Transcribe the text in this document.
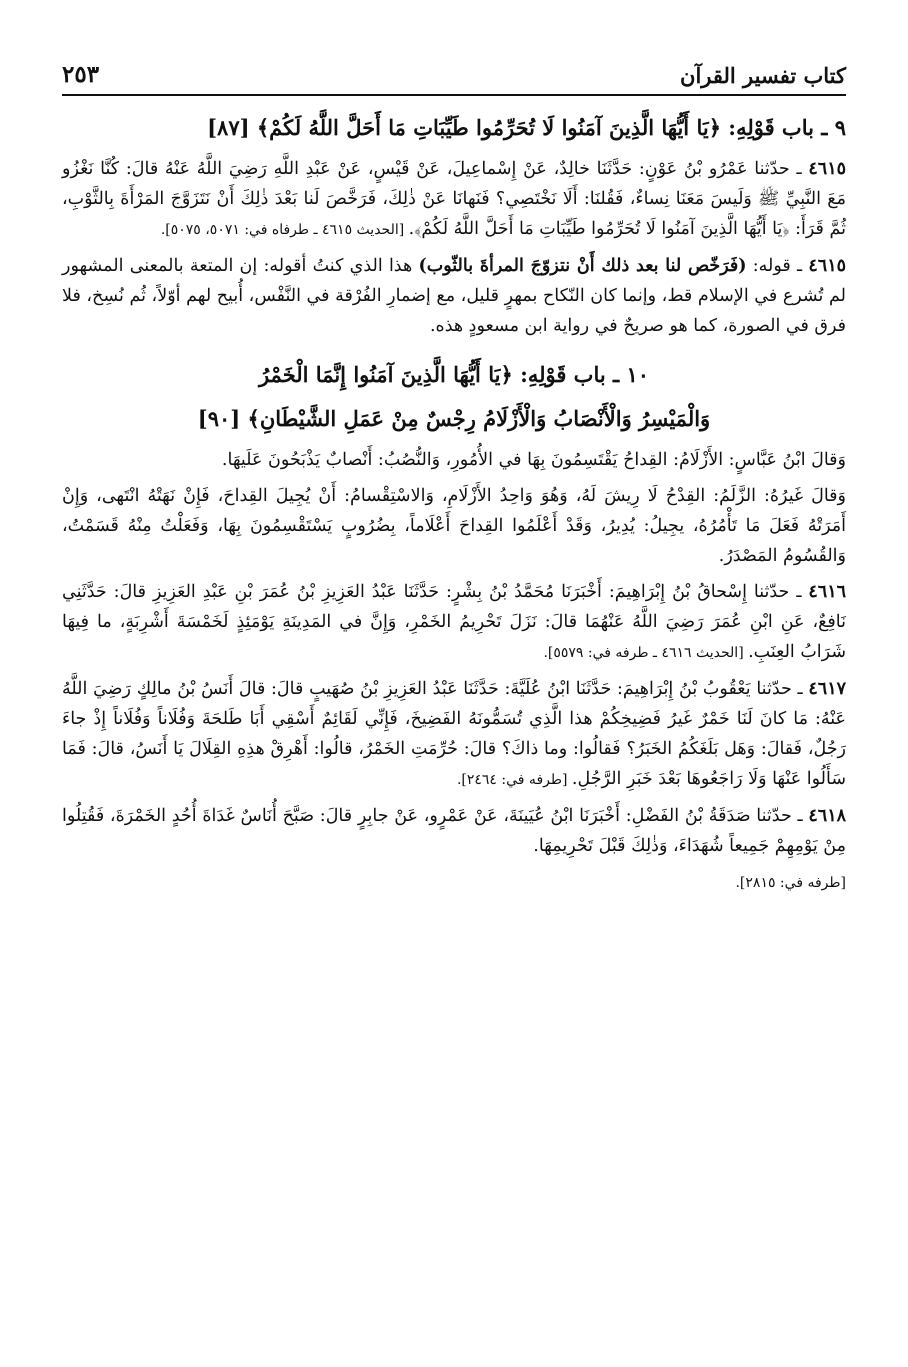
كتاب تفسير القرآن
٢٥٣
٩ ـ باب قَوْلِهِ: ﴿يَا أَيُّهَا الَّذِينَ آمَنُوا لَا تُحَرِّمُوا طَيِّبَاتِ مَا أَحَلَّ اللَّهُ لَكُمْ﴾ [٨٧]

٤٦١٥ ـ حدّثنا عَمْرُو بْنُ عَوْنٍ: حَدَّثَنَا خالِدٌ، عَنْ إِسْماعِيلَ، عَنْ قَيْسٍ، عَنْ عَبْدِ اللَّهِ رَضِيَ اللَّهُ عَنْهُ قالَ: كُنَّا نَغْزُو مَعَ النَّبِيِّ ﷺ وَلَيسَ مَعَنَا نِساءٌ، فَقُلنَا: أَلَا نَخْتَصِي؟ فَنَهانَا عَنْ ذٰلِكَ، فَرَخَّصَ لَنا بَعْدَ ذٰلِكَ أَنْ نَتَزَوَّجَ المَرْأَةَ بِالثَّوْبِ، ثُمَّ قَرَأَ: ﴿يَا أَيُّهَا الَّذِينَ آمَنُوا لَا تُحَرِّمُوا طَيِّبَاتِ مَا أَحَلَّ اللَّهُ لَكُمْ﴾. [الحديث ٤٦١٥ ـ طرفاه في: ٥٠٧١، ٥٠٧٥].

٤٦١٥ ـ قوله: (فَرَخّص لنا بعد ذلك أَنْ نتزوّجَ المرأةَ بالثّوب) هذا الذي كنتُ أقوله: إن المتعة بالمعنى المشهور لم تُشرع في الإسلام قط، وإنما كان النّكاح بمهرٍ قليل، مع إضمارِ الفُرْقة في النَّفْس، أُبيح لهم أوّلاً، ثُم نُسِخ، فلا فرق في الصورة، كما هو صريحٌ في رواية ابن مسعودٍ هذه.

١٠ ـ باب قَوْلِهِ: ﴿يَا أَيُّهَا الَّذِينَ آمَنُوا إِنَّمَا الْخَمْرُ
وَالْمَيْسِرُ وَالْأَنْصَابُ وَالْأَزْلَامُ رِجْسٌ مِنْ عَمَلِ الشَّيْطَانِ﴾ [٩٠]

وَقالَ ابْنُ عَبَّاسٍ: الأَزْلَامُ: القِداحُ يَقْتَسِمُونَ بِهَا في الأُمُورِ، وَالنُّصُبُ: أَنْصابٌ يَذْبَحُونَ عَلَيهَا.

وَقالَ غَيرُهُ: الزَّلَمُ: القِدْحُ لَا رِيشَ لَهُ، وَهُوَ وَاحِدُ الأَزْلَامِ، وَالاسْتِقْسامُ: أَنْ يُجِيلَ القِداحَ، فَإِنْ نَهَتْهُ انْتَهى، وَإِنْ أَمَرَتْهُ فَعَلَ مَا تَأْمُرُهُ، يجِيلُ: يُدِيرُ، وَقَدْ أَعْلَمُوا القِداحَ أَعْلَاماً، بِضُرُوبٍ يَسْتَقْسِمُونَ بِهَا، وَفَعَلْتُ مِنْهُ قَسَمْتُ، وَالقُسُومُ المَصْدَرُ.

٤٦١٦ ـ حدّثنا إِسْحاقُ بْنُ إِبْرَاهِيمَ: أَخْبَرَنَا مُحَمَّدُ بْنُ بِشْرٍ: حَدَّثَنَا عَبْدُ العَزِيزِ بْنُ عُمَرَ بْنِ عَبْدِ العَزِيزِ قالَ: حَدَّثَنِي نَافِعٌ، عَنِ ابْنِ عُمَرَ رَضِيَ اللَّهُ عَنْهُمَا قالَ: نَزَلَ تَحْرِيمُ الخَمْرِ، وَإِنَّ في المَدِينَةِ يَوْمَئِذٍ لَخَمْسَةَ أَشْرِبَةٍ، ما فِيهَا شَرَابُ العِنَبِ. [الحديث ٤٦١٦ ـ طرفه في: ٥٥٧٩].

٤٦١٧ ـ حدّثنا يَعْقُوبُ بْنُ إِبْرَاهِيمَ: حَدَّثَنَا ابْنُ عُلَيَّةَ: حَدَّثَنَا عَبْدُ العَزِيزِ بْنُ صُهَيبٍ قالَ: قالَ أَنَسُ بْنُ مالِكٍ رَضِيَ اللَّهُ عَنْهُ: مَا كانَ لَنَا خَمْرٌ غَيرُ فَضِيخِكُمْ هذا الَّذِي تُسَمُّونَهُ الفَضِيخَ، فَإِنِّي لَقَائِمٌ أَسْقِي أَبَا طَلحَةَ وَفُلَاناً وَفُلَاناً إِذْ جاءَ رَجُلٌ، فَقالَ: وَهَل بَلَغَكُمُ الخَبَرُ؟ فَقالُوا: وما ذاكَ؟ قالَ: حُرِّمَتِ الخَمْرُ، قالُوا: أَهْرِقْ هذِهِ القِلَالَ يَا أَنَسُ، قالَ: فَمَا سَأَلُوا عَنْهَا وَلَا رَاجَعُوهَا بَعْدَ خَبَرِ الرَّجُلِ. [طرفه في: ٢٤٦٤].

٤٦١٨ ـ حدّثنا صَدَقَةُ بْنُ الفَضْلِ: أَخْبَرَنَا ابْنُ عُيَينَةَ، عَنْ عَمْرٍو، عَنْ جابِرٍ قالَ: صَبَّحَ أُنَاسٌ غَدَاةَ أُحُدٍ الخَمْرَةَ، فَقُتِلُوا مِنْ يَوْمِهِمْ جَمِيعاً شُهَدَاءَ، وَذٰلِكَ قَبْلَ تَحْرِيمِهَا.

[طرفه في: ٢٨١٥].
